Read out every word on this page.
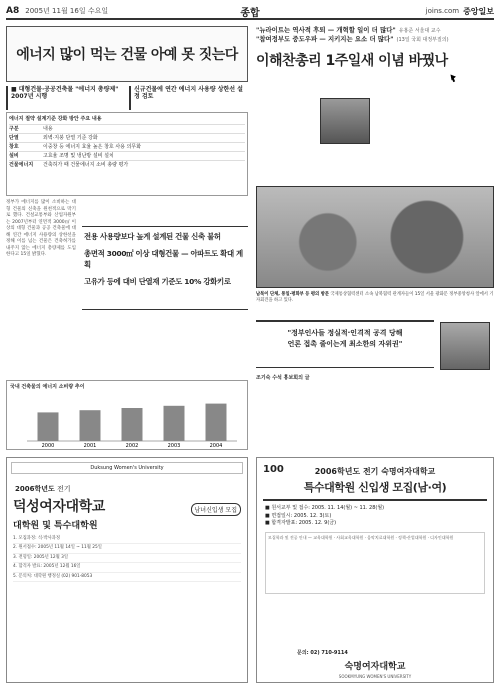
A8 2005년 11월 16일 수요일	종합	joins.com 중앙일보
에너지 많이 먹는 건물 아예 못 짓는다
■ 대형건물·공공건축물 "에너지 총량제" 2007년 시행
신규건물에 연간 에너지 사용량 상한선 설정 검토
에너지 절약 설계기준 강화 방안 주요 내용
구분	내용
단열	외벽·지붕 단열 기준 강화
창호	이중창 등 에너지 효율 높은 창호 사용 의무화
설비	고효율 조명 및 냉난방 설비 설치
건물에너지	건축허가 때 건물에너지 소비 총량 평가
정부가 에너지를 많이 소비하는 대형 건물의 신축을 원천적으로 막기로 했다. 건설교통부와 산업자원부는 2007년부터 연면적 3000㎡ 이상의 대형 건물과 공공 건축물에 대해 연간 에너지 사용량의 상한선을 정해 이를 넘는 건물은 건축허가를 내주지 않는 에너지 총량제를 도입한다고 15일 밝혔다.
전용 사용량보다 높게 설계된 건물 신축 불허
총면적 3000㎡ 이상 대형건물 — 아파트도 확대 계획
고유가 등에 대비 단열재 기준도 10% 강화키로
국내 건축물의 에너지 소비량 추이
2000	2001	2002	2003	2004
"뉴라이트는 역사적 후퇴 — 개혁할 일이 더 많다" 유홍준 서울대 교수
"참여정부도 중도우파 — 지키지는 요소 더 많다" (13일 국회 대정부질의)
이해찬총리 1주일새 이념 바꿨나
남북이 단체, 통일·평화부 등 평의 방문 국제통상협력센터 소속 남북협력 관계자들이 15일 서울 광화문 정부중앙청사 앞에서 기자회견을 하고 있다.
"정부인사들 정실적·인격적 공격 당해
언론 접촉 줄이는게 최소한의 자위권"
조기숙 수석 홍보회의 글
Duksung Women's University
2006학년도 전기
덕성여자대학교	남녀신입생 모집
대학원 및 특수대학원

1. 모집과정: 석·박사과정

2. 원서접수: 2005년 11월 14일 ~ 11월 25일

3. 전형일: 2005년 12월 3일

4. 합격자 발표: 2005년 12월 16일

5. 문의처: 대학원 행정실 (02) 901-8053

100	2006학년도 전기 숙명여자대학교
특수대학원 신입생 모집(남·여)
■ 원서교부 및 접수: 2005. 11. 14(월) ~ 11. 28(월)
■ 면접일시: 2005. 12. 3(토)
■ 합격자발표: 2005. 12. 9(금)
모집학과 및 전공 안내 — 교육대학원 · 사회교육대학원 · 음악치료대학원 · 정책·산업대학원 · 디자인대학원
문의: 02) 710-9114
숙명여자대학교
SOOKMYUNG WOMEN'S UNIVERSITY
